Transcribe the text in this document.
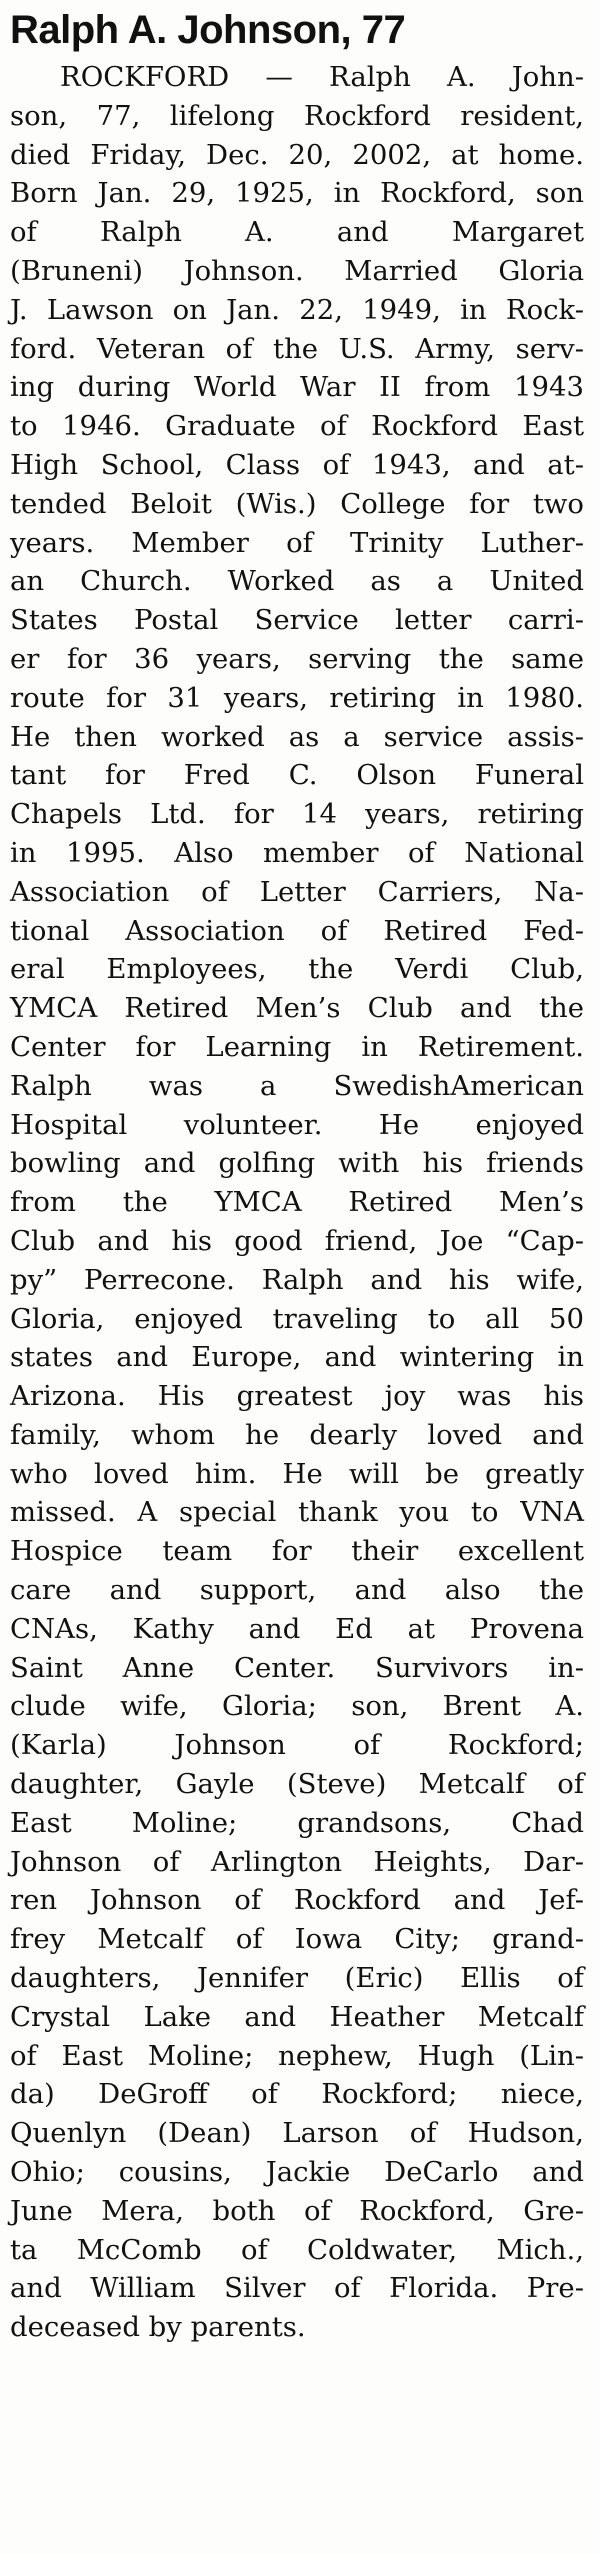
Ralph A. Johnson, 77
ROCKFORD — Ralph A. John-
son, 77, lifelong Rockford resident,
died Friday, Dec. 20, 2002, at home.
Born Jan. 29, 1925, in Rockford, son
of Ralph A. and Margaret
(Bruneni) Johnson. Married Gloria
J. Lawson on Jan. 22, 1949, in Rock-
ford. Veteran of the U.S. Army, serv-
ing during World War II from 1943
to 1946. Graduate of Rockford East
High School, Class of 1943, and at-
tended Beloit (Wis.) College for two
years. Member of Trinity Luther-
an Church. Worked as a United
States Postal Service letter carri-
er for 36 years, serving the same
route for 31 years, retiring in 1980.
He then worked as a service assis-
tant for Fred C. Olson Funeral
Chapels Ltd. for 14 years, retiring
in 1995. Also member of National
Association of Letter Carriers, Na-
tional Association of Retired Fed-
eral Employees, the Verdi Club,
YMCA Retired Men’s Club and the
Center for Learning in Retirement.
Ralph was a SwedishAmerican
Hospital volunteer. He enjoyed
bowling and golfing with his friends
from the YMCA Retired Men’s
Club and his good friend, Joe “Cap-
py” Perrecone. Ralph and his wife,
Gloria, enjoyed traveling to all 50
states and Europe, and wintering in
Arizona. His greatest joy was his
family, whom he dearly loved and
who loved him. He will be greatly
missed. A special thank you to VNA
Hospice team for their excellent
care and support, and also the
CNAs, Kathy and Ed at Provena
Saint Anne Center. Survivors in-
clude wife, Gloria; son, Brent A.
(Karla) Johnson of Rockford;
daughter, Gayle (Steve) Metcalf of
East Moline; grandsons, Chad
Johnson of Arlington Heights, Dar-
ren Johnson of Rockford and Jef-
frey Metcalf of Iowa City; grand-
daughters, Jennifer (Eric) Ellis of
Crystal Lake and Heather Metcalf
of East Moline; nephew, Hugh (Lin-
da) DeGroff of Rockford; niece,
Quenlyn (Dean) Larson of Hudson,
Ohio; cousins, Jackie DeCarlo and
June Mera, both of Rockford, Gre-
ta McComb of Coldwater, Mich.,
and William Silver of Florida. Pre-
deceased by parents.
